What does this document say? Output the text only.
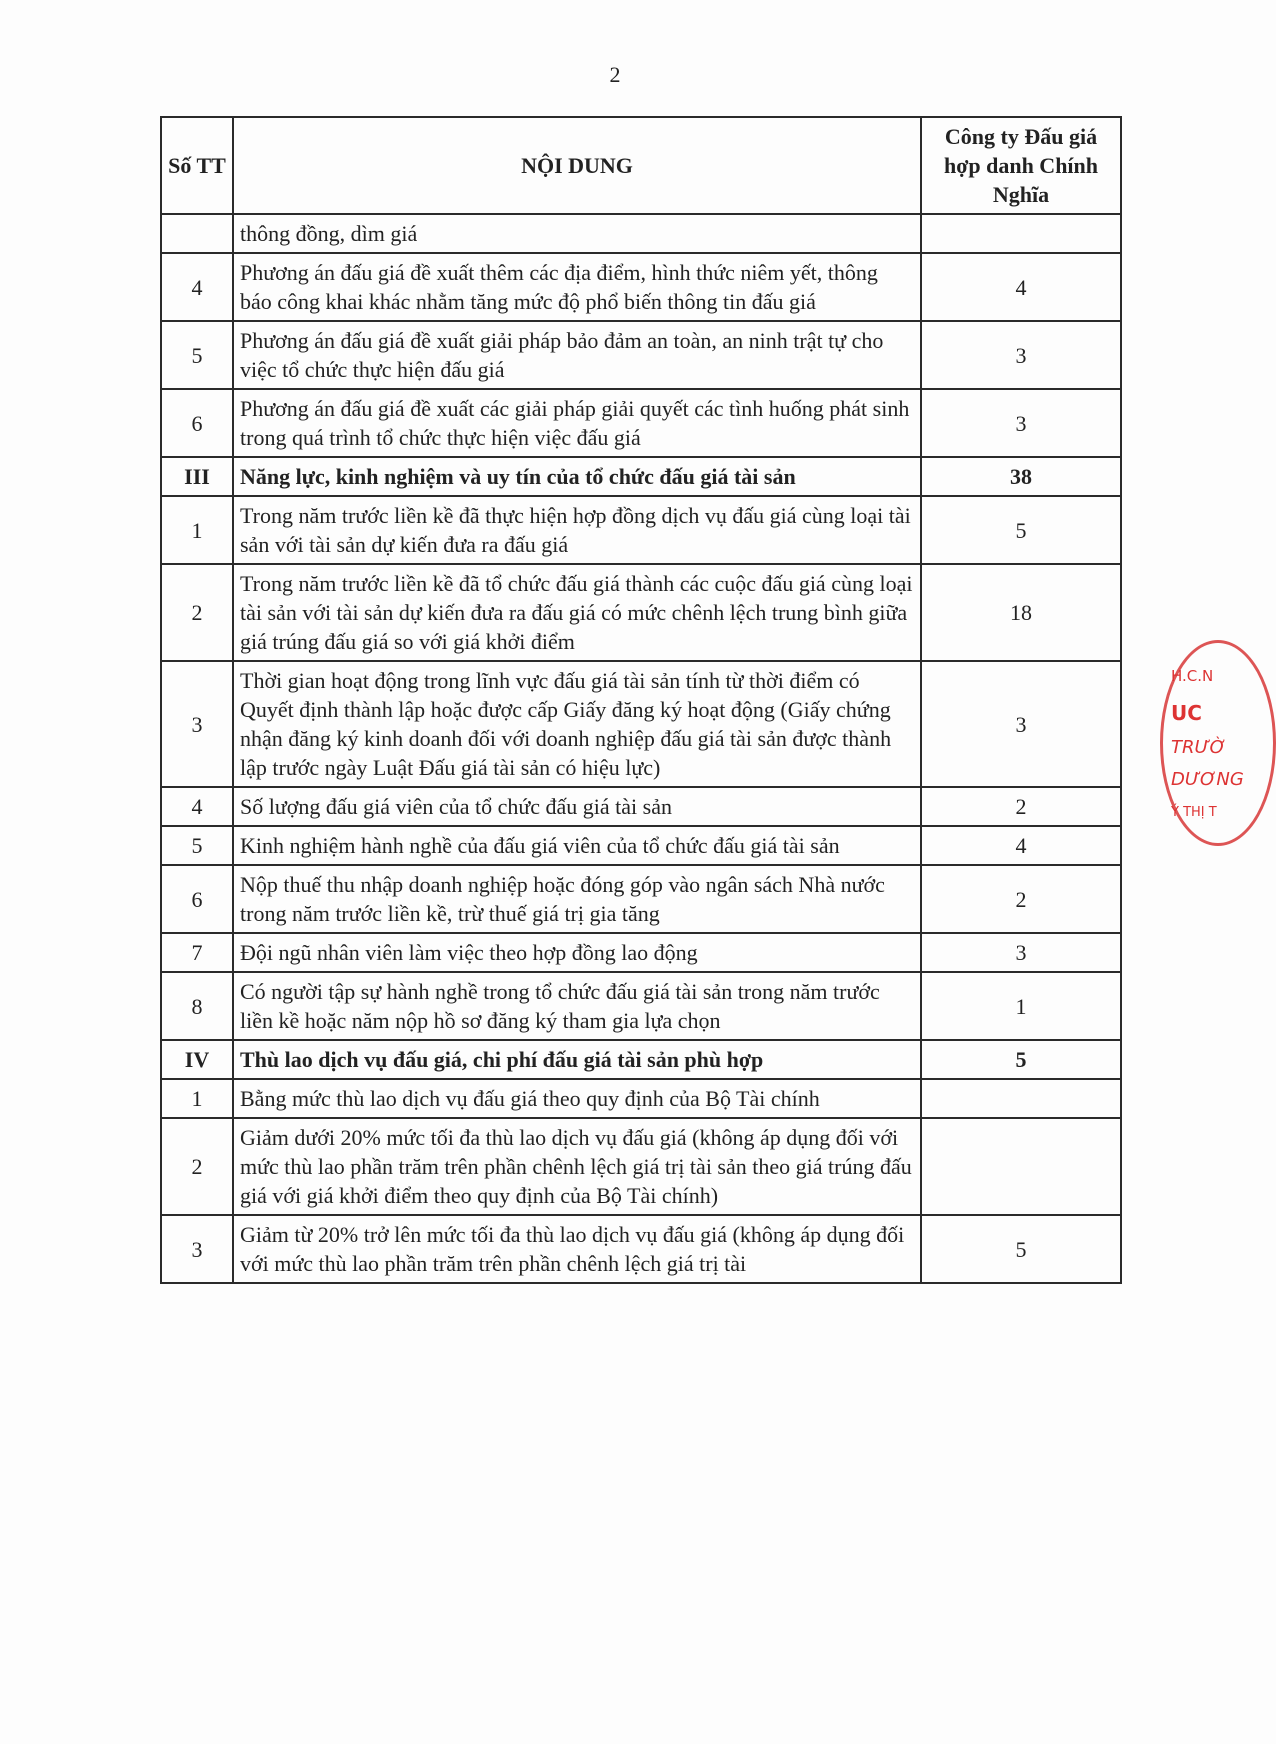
2
Số TT	NỘI DUNG	Công ty Đấu giá hợp danh Chính Nghĩa
	thông đồng, dìm giá	
4	Phương án đấu giá đề xuất thêm các địa điểm, hình thức niêm yết, thông báo công khai khác nhằm tăng mức độ phổ biến thông tin đấu giá	4
5	Phương án đấu giá đề xuất giải pháp bảo đảm an toàn, an ninh trật tự cho việc tổ chức thực hiện đấu giá	3
6	Phương án đấu giá đề xuất các giải pháp giải quyết các tình huống phát sinh trong quá trình tổ chức thực hiện việc đấu giá	3
III	Năng lực, kinh nghiệm và uy tín của tổ chức đấu giá tài sản	38
1	Trong năm trước liền kề đã thực hiện hợp đồng dịch vụ đấu giá cùng loại tài sản với tài sản dự kiến đưa ra đấu giá	5
2	Trong năm trước liền kề đã tổ chức đấu giá thành các cuộc đấu giá cùng loại tài sản với tài sản dự kiến đưa ra đấu giá có mức chênh lệch trung bình giữa giá trúng đấu giá so với giá khởi điểm	18
3	Thời gian hoạt động trong lĩnh vực đấu giá tài sản tính từ thời điểm có Quyết định thành lập hoặc được cấp Giấy đăng ký hoạt động (Giấy chứng nhận đăng ký kinh doanh đối với doanh nghiệp đấu giá tài sản được thành lập trước ngày Luật Đấu giá tài sản có hiệu lực)	3
4	Số lượng đấu giá viên của tổ chức đấu giá tài sản	2
5	Kinh nghiệm hành nghề của đấu giá viên của tổ chức đấu giá tài sản	4
6	Nộp thuế thu nhập doanh nghiệp hoặc đóng góp vào ngân sách Nhà nước trong năm trước liền kề, trừ thuế giá trị gia tăng	2
7	Đội ngũ nhân viên làm việc theo hợp đồng lao động	3
8	Có người tập sự hành nghề trong tổ chức đấu giá tài sản trong năm trước liền kề hoặc năm nộp hồ sơ đăng ký tham gia lựa chọn	1
IV	Thù lao dịch vụ đấu giá, chi phí đấu giá tài sản phù hợp	5
1	Bằng mức thù lao dịch vụ đấu giá theo quy định của Bộ Tài chính	
2	Giảm dưới 20% mức tối đa thù lao dịch vụ đấu giá (không áp dụng đối với mức thù lao phần trăm trên phần chênh lệch giá trị tài sản theo giá trúng đấu giá với giá khởi điểm theo quy định của Bộ Tài chính)	
3	Giảm từ 20% trở lên mức tối đa thù lao dịch vụ đấu giá (không áp dụng đối với mức thù lao phần trăm trên phần chênh lệch giá trị tài	5
H.C.N
UC
TRƯỜ
DƯƠNG
Ý THỊ T
